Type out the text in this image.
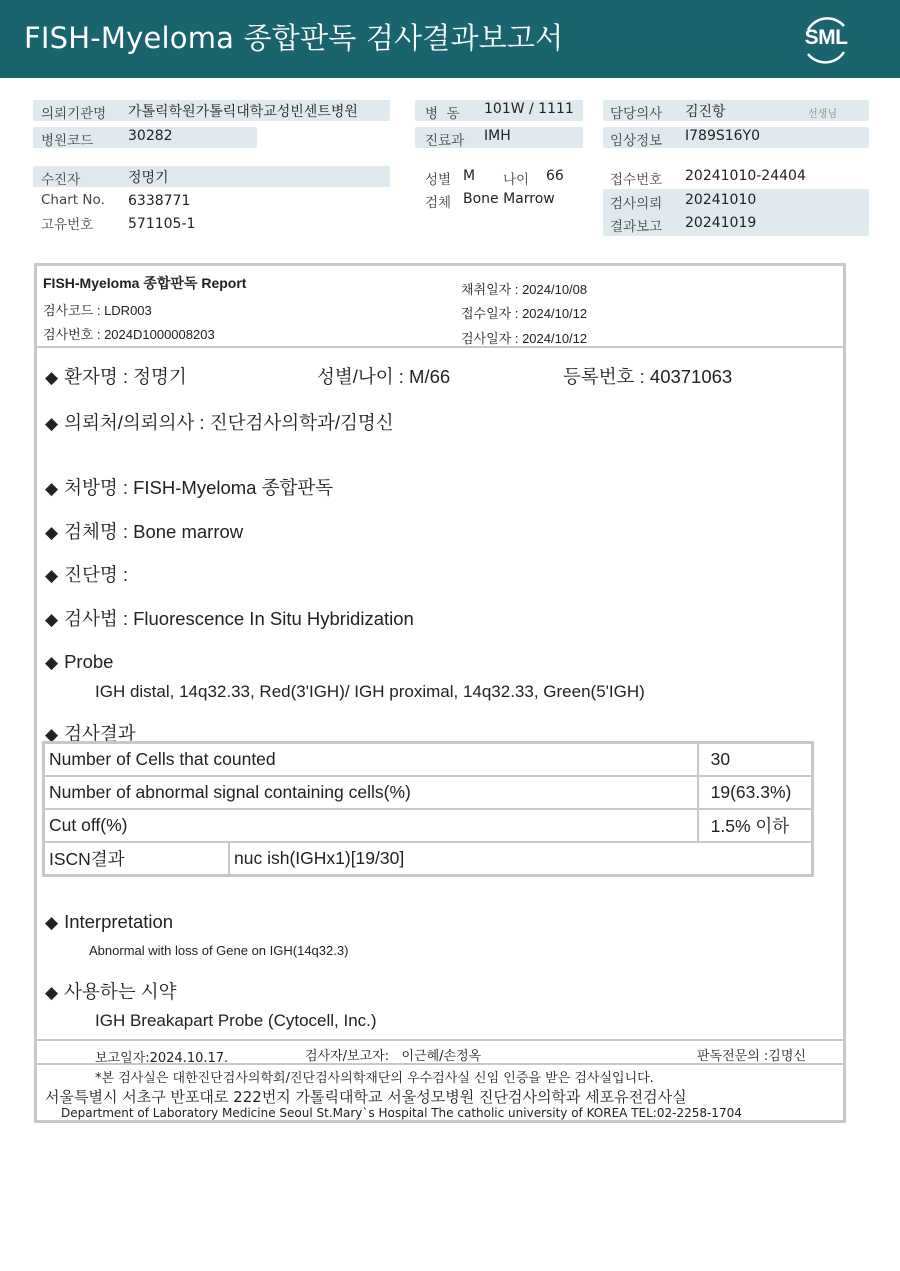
FISH-Myeloma 종합판독 검사결과보고서	SML
의뢰기관명 가톨릭학원가톨릭대학교성빈센트병원
병원코드 30282
병  동 101W / 1111
진료과 IMH
담당의사 김진항	선생님
임상정보 I789S16Y0
수진자	정명기
Chart No. 6338771
고유번호 571105-1
성별 M 나이 66
검체 Bone Marrow
접수번호 20241010-24404
검사의뢰 20241010
결과보고 20241019
FISH-Myeloma 종합판독 Report
검사코드 : LDR003
검사번호 : 2024D1000008203
채취일자 : 2024/10/08
접수일자 : 2024/10/12
검사일자 : 2024/10/12
◆ 환자명 : 정명기	성별/나이 : M/66	등록번호 : 40371063
◆ 의뢰처/의뢰의사 : 진단검사의학과/김명신
◆ 처방명 : FISH-Myeloma 종합판독
◆ 검체명 : Bone marrow
◆ 진단명 :
◆ 검사법 : Fluorescence In Situ Hybridization
◆ Probe
IGH distal, 14q32.33, Red(3'IGH)/ IGH proximal, 14q32.33, Green(5'IGH)
◆ 검사결과
Number of Cells that counted		30
Number of abnormal signal containing cells(%)		19(63.3%)
Cut off(%)		1.5% 이하
ISCN결과	nuc ish(IGHx1)[19/30]	
◆ Interpretation
Abnormal with loss of Gene on IGH(14q32.3)
◆ 사용하는 시약
IGH Breakapart Probe (Cytocell, Inc.)
보고일자:2024.10.17.	검사자/보고자:   이근혜/손정옥	판독전문의 :김명신
*본 검사실은 대한진단검사의학회/진단검사의학재단의 우수검사실 신임 인증을 받은 검사실입니다.
서울특별시 서초구 반포대로 222번지 가톨릭대학교 서울성모병원 진단검사의학과 세포유전검사실
Department of Laboratory Medicine Seoul St.Mary`s Hospital The catholic university of KOREA TEL:02-2258-1704
